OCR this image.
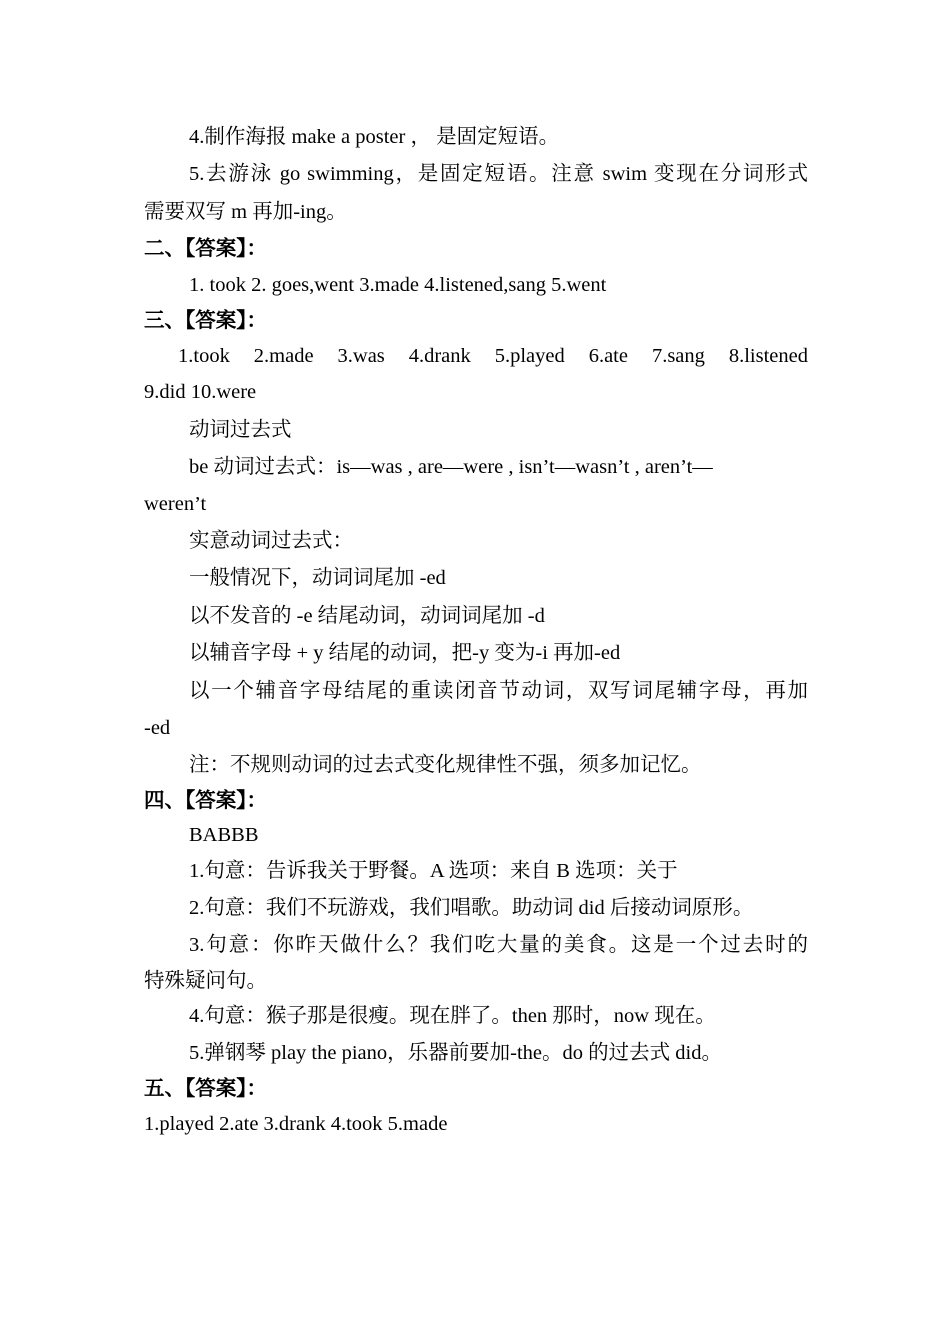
4.制作海报 make a poster ， 是固定短语。
5.去游泳 go swimming，是固定短语。注意 swim 变现在分词形式
需要双写 m 再加-ing。
二、【答案】：
1. took 2. goes,went 3.made 4.listened,sang 5.went
三、【答案】：
1.took 2.made 3.was 4.drank 5.played 6.ate 7.sang 8.listened
9.did 10.were
动词过去式
be 动词过去式：is—was , are—were , isn’t—wasn’t , aren’t—
weren’t
实意动词过去式：
一般情况下，动词词尾加 -ed
以不发音的 -e 结尾动词，动词词尾加 -d
以辅音字母 + y 结尾的动词，把-y 变为-i 再加-ed
以一个辅音字母结尾的重读闭音节动词，双写词尾辅字母，再加
-ed
注：不规则动词的过去式变化规律性不强，须多加记忆。
四、【答案】：
BABBB
1.句意：告诉我关于野餐。A 选项：来自 B 选项：关于
2.句意：我们不玩游戏，我们唱歌。助动词 did 后接动词原形。
3.句意：你昨天做什么？我们吃大量的美食。这是一个过去时的
特殊疑问句。
4.句意：猴子那是很瘦。现在胖了。then 那时，now 现在。
5.弹钢琴 play the piano，乐器前要加-the。do 的过去式 did。
五、【答案】：
1.played 2.ate 3.drank 4.took 5.made
